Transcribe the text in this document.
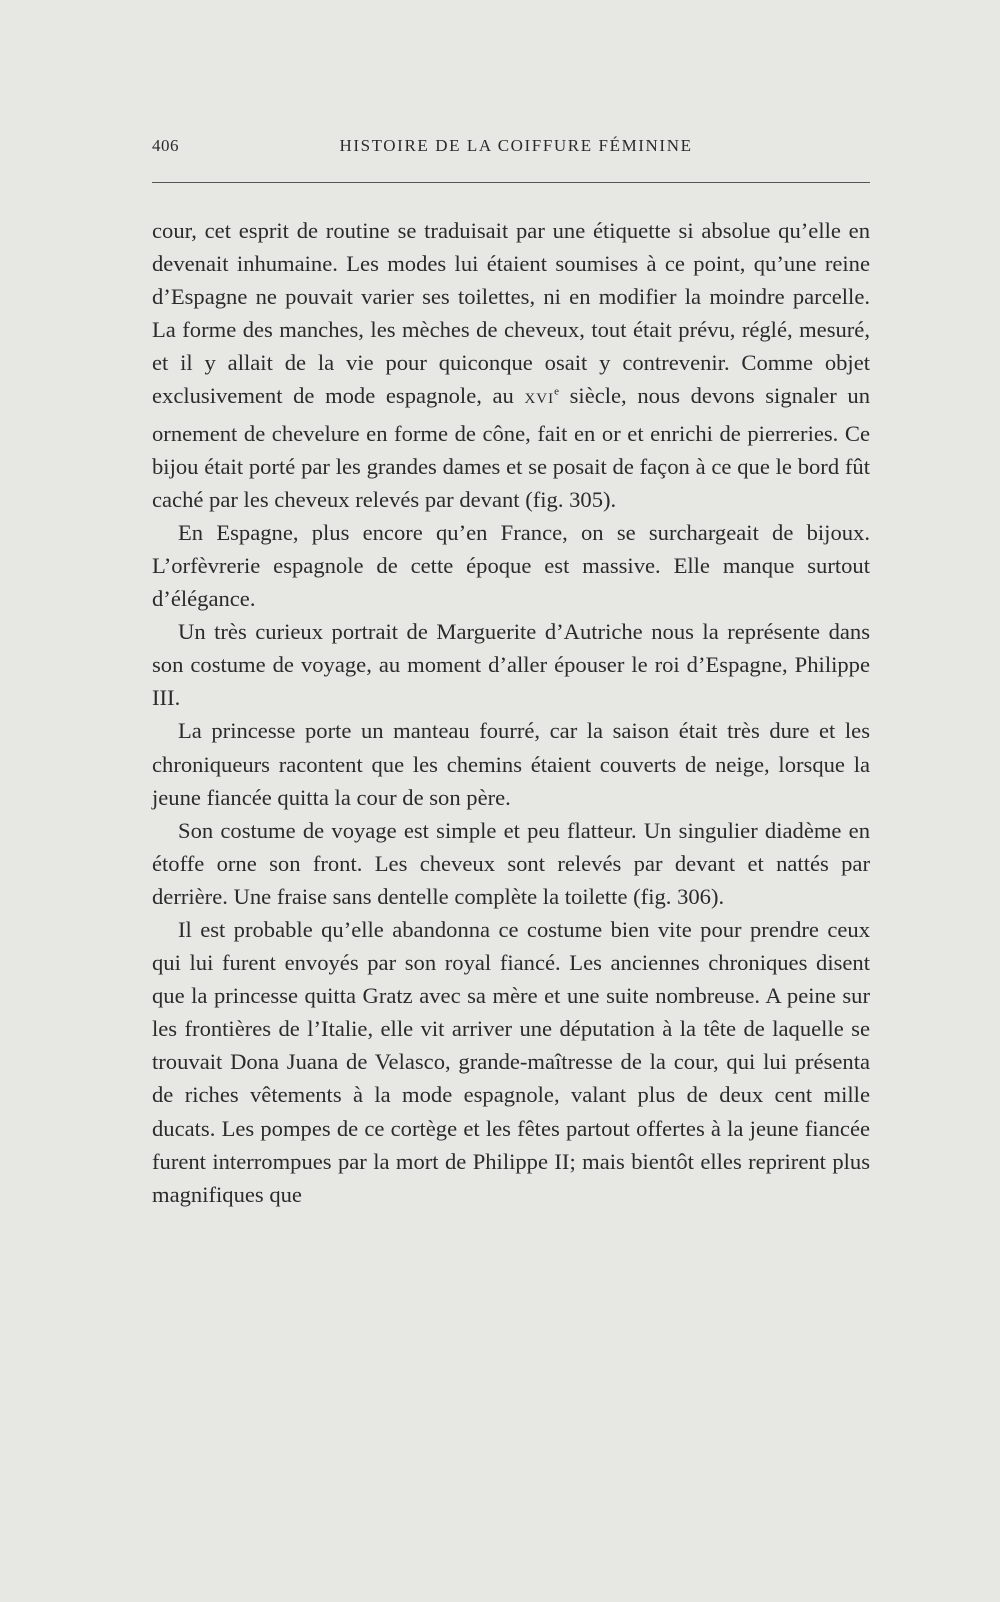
406	HISTOIRE DE LA COIFFURE FÉMININE

cour, cet esprit de routine se traduisait par une étiquette si absolue qu’elle en devenait inhumaine. Les modes lui étaient soumises à ce point, qu’une reine d’Espagne ne pouvait varier ses toilettes, ni en modifier la moindre parcelle. La forme des manches, les mèches de cheveux, tout était prévu, réglé, mesuré, et il y allait de la vie pour quiconque osait y contrevenir. Comme objet exclusivement de mode espagnole, au XVIe siècle, nous devons signaler un ornement de chevelure en forme de cône, fait en or et enrichi de pierreries. Ce bijou était porté par les grandes dames et se posait de façon à ce que le bord fût caché par les cheveux relevés par devant (fig. 305).

En Espagne, plus encore qu’en France, on se surchargeait de bijoux. L’orfèvrerie espagnole de cette époque est massive. Elle manque surtout d’élégance.

Un très curieux portrait de Marguerite d’Autriche nous la représente dans son costume de voyage, au moment d’aller épouser le roi d’Espagne, Philippe III.

La princesse porte un manteau fourré, car la saison était très dure et les chroniqueurs racontent que les chemins étaient couverts de neige, lorsque la jeune fiancée quitta la cour de son père.

Son costume de voyage est simple et peu flatteur. Un singulier diadème en étoffe orne son front. Les cheveux sont relevés par devant et nattés par derrière. Une fraise sans dentelle complète la toilette (fig. 306).

Il est probable qu’elle abandonna ce costume bien vite pour prendre ceux qui lui furent envoyés par son royal fiancé. Les anciennes chroniques disent que la princesse quitta Gratz avec sa mère et une suite nombreuse. A peine sur les frontières de l’Italie, elle vit arriver une députation à la tête de laquelle se trouvait Dona Juana de Velasco, grande-maîtresse de la cour, qui lui présenta de riches vêtements à la mode espagnole, valant plus de deux cent mille ducats. Les pompes de ce cortège et les fêtes partout offertes à la jeune fiancée furent interrompues par la mort de Philippe II; mais bientôt elles reprirent plus magnifiques que
